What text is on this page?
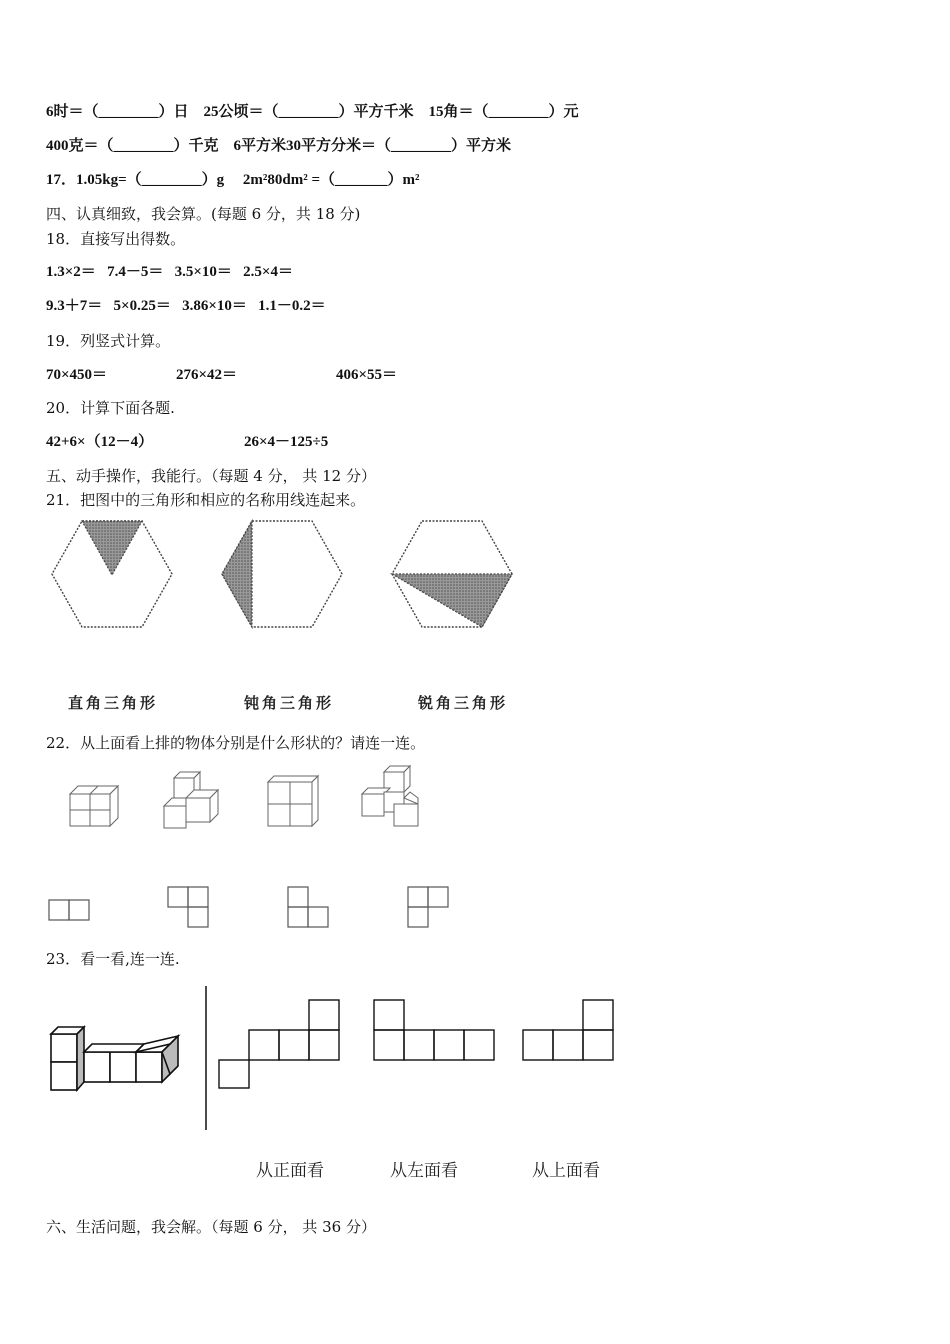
6时＝（________）日 25公顷＝（________）平方千米 15角＝（________）元
400克＝（________）千克 6平方米30平方分米＝（________）平方米
17．1.05kg=（________）g 2m²80dm² =（_______）m²
四、认真细致，我会算。(每题 6 分，共 18 分)
18．直接写出得数。
1.3×2＝ 7.4－5＝ 3.5×10＝ 2.5×4＝
9.3＋7＝ 5×0.25＝ 3.86×10＝ 1.1－0.2＝
19．列竖式计算。
70×450＝	276×42＝	406×55＝
20．计算下面各题.
42+6×（12－4）	26×4－125÷5
五、动手操作，我能行。（每题 4 分， 共 12 分）
21．把图中的三角形和相应的名称用线连起来。
直角三角形	钝角三角形	锐角三角形
22．从上面看上排的物体分别是什么形状的？请连一连。
23．看一看,连一连.
从正面看	从左面看	从上面看
六、生活问题，我会解。（每题 6 分， 共 36 分）
